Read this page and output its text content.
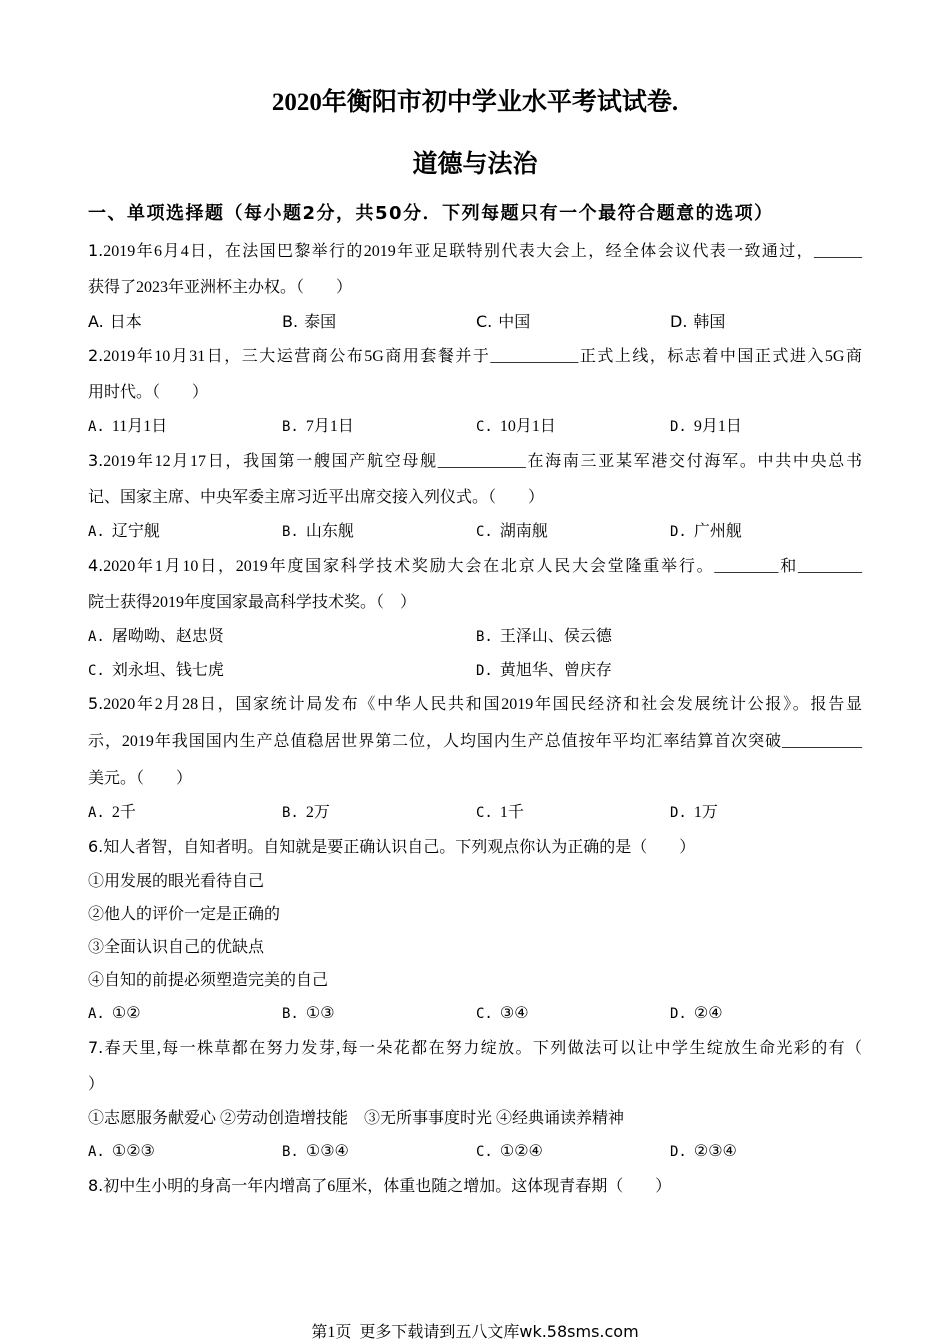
2020年衡阳市初中学业水平考试试卷.
道德与法治
一、单项选择题（每小题2分，共50分．下列每题只有一个最符合题意的选项）
1.2019年6月4日，在法国巴黎举行的2019年亚足联特别代表大会上，经全体会议代表一致通过，______
获得了2023年亚洲杯主办权。（　　）
A. 日本	B. 泰国	C. 中国	D. 韩国
2.2019年10月31日，三大运营商公布5G商用套餐并于___________正式上线，标志着中国正式进入5G商
用时代。（　　）
A. 11月1日	B. 7月1日	C. 10月1日	D. 9月1日
3.2019年12月17日，我国第一艘国产航空母舰___________在海南三亚某军港交付海军。中共中央总书
记、国家主席、中央军委主席习近平出席交接入列仪式。（　　）
A. 辽宁舰	B. 山东舰	C. 湖南舰	D. 广州舰
4.2020年1月10日，2019年度国家科学技术奖励大会在北京人民大会堂隆重举行。________和________
院士获得2019年度国家最高科学技术奖。（　）
A. 屠呦呦、赵忠贤	B. 王泽山、侯云德
C. 刘永坦、钱七虎	D. 黄旭华、曾庆存
5.2020年2月28日，国家统计局发布《中华人民共和国2019年国民经济和社会发展统计公报》。报告显
示，2019年我国国内生产总值稳居世界第二位，人均国内生产总值按年平均汇率结算首次突破__________
美元。（　　）
A. 2千	B. 2万	C. 1千	D. 1万
6.知人者智，自知者明。自知就是要正确认识自己。下列观点你认为正确的是（　　）
①用发展的眼光看待自己
②他人的评价一定是正确的
③全面认识自己的优缺点
④自知的前提必须塑造完美的自己
A. ①②	B. ①③	C. ③④	D. ②④
7.春天里,每一株草都在努力发芽,每一朵花都在努力绽放。下列做法可以让中学生绽放生命光彩的有（
）
①志愿服务献爱心 ②劳动创造增技能　③无所事事度时光 ④经典诵读养精神
A. ①②③	B. ①③④	C. ①②④	D. ②③④
8.初中生小明的身高一年内增高了6厘米，体重也随之增加。这体现青春期（　　）
第1页 更多下载请到五八文库wk.58sms.com
